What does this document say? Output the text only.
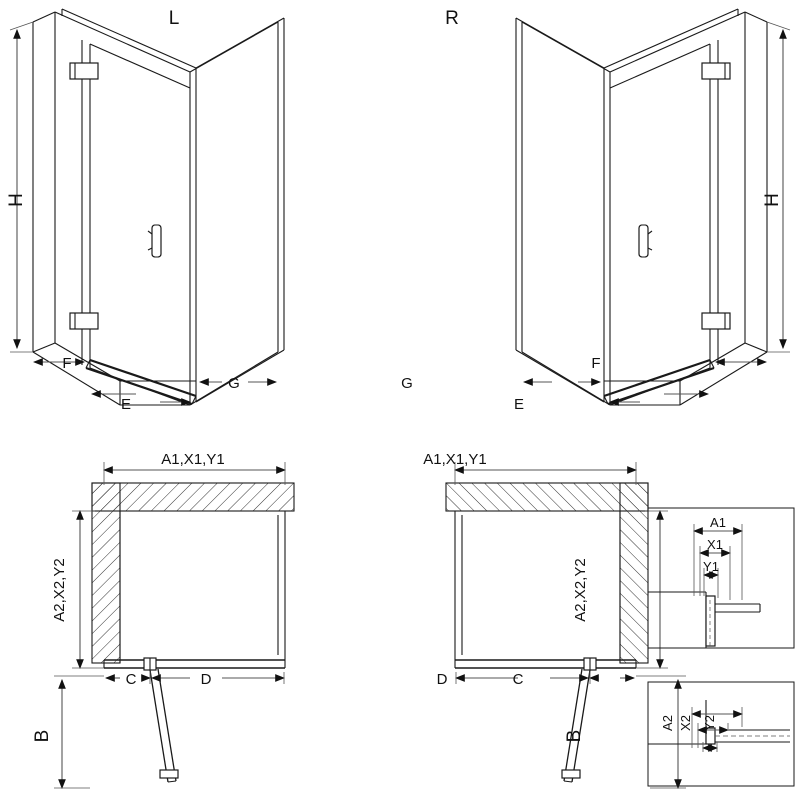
L	R
H	H
F
E
G	G
E
F
A1,X1,Y1
A2,X2,Y2
B
C	D
A1,X1,Y1
A2,X2,Y2
B
D	C
A1
X1
Y1
A2 X2 Y2
